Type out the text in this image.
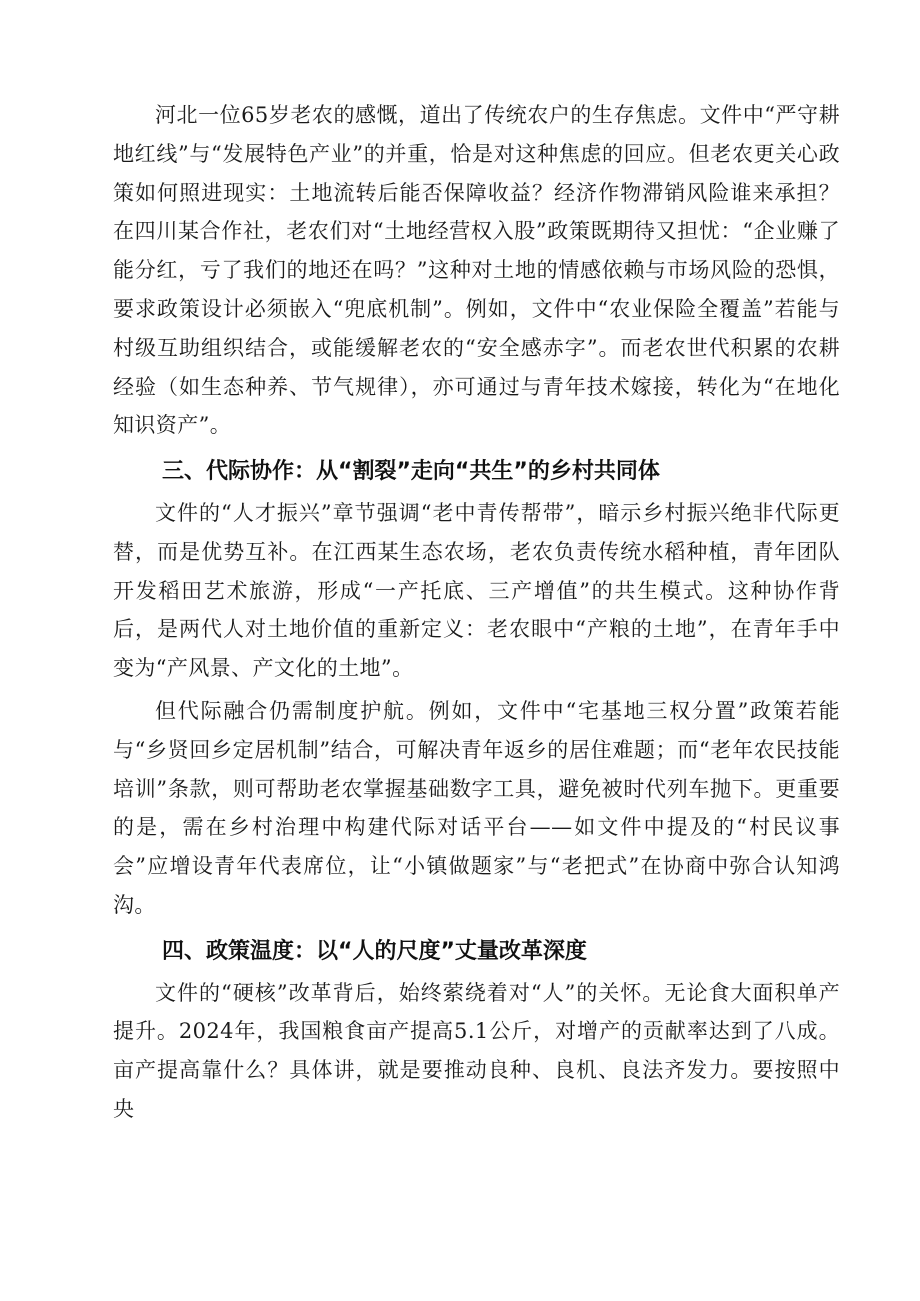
河北一位65岁老农的感慨，道出了传统农户的生存焦虑。文件中“严守耕地红线”与“发展特色产业”的并重，恰是对这种焦虑的回应。但老农更关心政策如何照进现实：土地流转后能否保障收益？经济作物滞销风险谁来承担？在四川某合作社，老农们对“土地经营权入股”政策既期待又担忧：“企业赚了能分红，亏了我们的地还在吗？”这种对土地的情感依赖与市场风险的恐惧，要求政策设计必须嵌入“兜底机制”。例如，文件中“农业保险全覆盖”若能与村级互助组织结合，或能缓解老农的“安全感赤字”。而老农世代积累的农耕经验（如生态种养、节气规律），亦可通过与青年技术嫁接，转化为“在地化知识资产”。

三、代际协作：从“割裂”走向“共生”的乡村共同体

文件的“人才振兴”章节强调“老中青传帮带”，暗示乡村振兴绝非代际更替，而是优势互补。在江西某生态农场，老农负责传统水稻种植，青年团队开发稻田艺术旅游，形成“一产托底、三产增值”的共生模式。这种协作背后，是两代人对土地价值的重新定义：老农眼中“产粮的土地”，在青年手中变为“产风景、产文化的土地”。

但代际融合仍需制度护航。例如，文件中“宅基地三权分置”政策若能与“乡贤回乡定居机制”结合，可解决青年返乡的居住难题；而“老年农民技能培训”条款，则可帮助老农掌握基础数字工具，避免被时代列车抛下。更重要的是，需在乡村治理中构建代际对话平台——如文件中提及的“村民议事会”应增设青年代表席位，让“小镇做题家”与“老把式”在协商中弥合认知鸿沟。

四、政策温度：以“人的尺度”丈量改革深度

文件的“硬核”改革背后，始终萦绕着对“人”的关怀。无论食大面积单产提升。2024年，我国粮食亩产提高5.1公斤，对增产的贡献率达到了八成。亩产提高靠什么？具体讲，就是要推动良种、良机、良法齐发力。要按照中央
